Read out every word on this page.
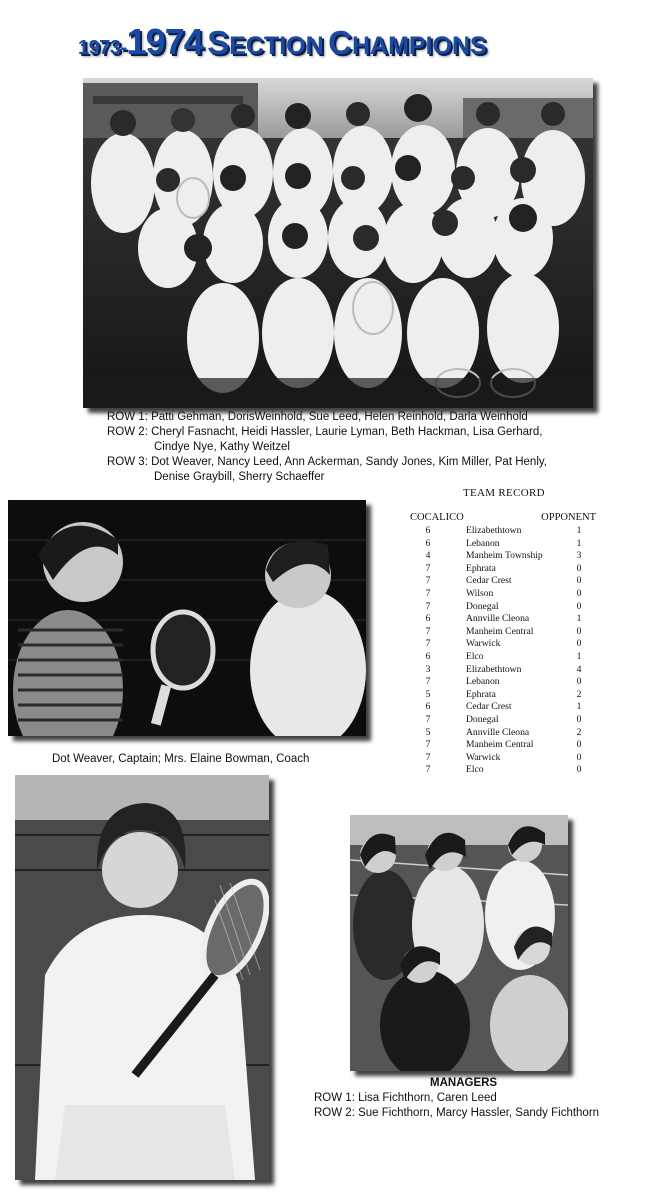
1973-1974 SECTION CHAMPIONS
ROW 1: Patti Gehman, DorisWeinhold, Sue Leed, Helen Reinhold, Darla Weinhold
ROW 2: Cheryl Fasnacht, Heidi Hassler, Laurie Lyman, Beth Hackman, Lisa Gerhard,
Cindye Nye, Kathy Weitzel
ROW 3: Dot Weaver, Nancy Leed, Ann Ackerman, Sandy Jones, Kim Miller, Pat Henly,
Denise Graybill, Sherry Schaeffer
Dot Weaver, Captain; Mrs. Elaine Bowman, Coach
TEAM RECORD
COCALICO	OPPONENT
6	Elizabethtown	1
6	Lebanon	1
4	Manheim Township	3
7	Ephrata	0
7	Cedar Crest	0
7	Wilson	0
7	Donegal	0
6	Annville Cleona	1
7	Manheim Central	0
7	Warwick	0
6	Elco	1
3	Elizabethtown	4
7	Lebanon	0
5	Ephrata	2
6	Cedar Crest	1
7	Donegal	0
5	Annville Cleona	2
7	Manheim Central	0
7	Warwick	0
7	Elco	0
MANAGERS
ROW 1: Lisa Fichthorn, Caren Leed
ROW 2: Sue Fichthorn, Marcy Hassler, Sandy Fichthorn
